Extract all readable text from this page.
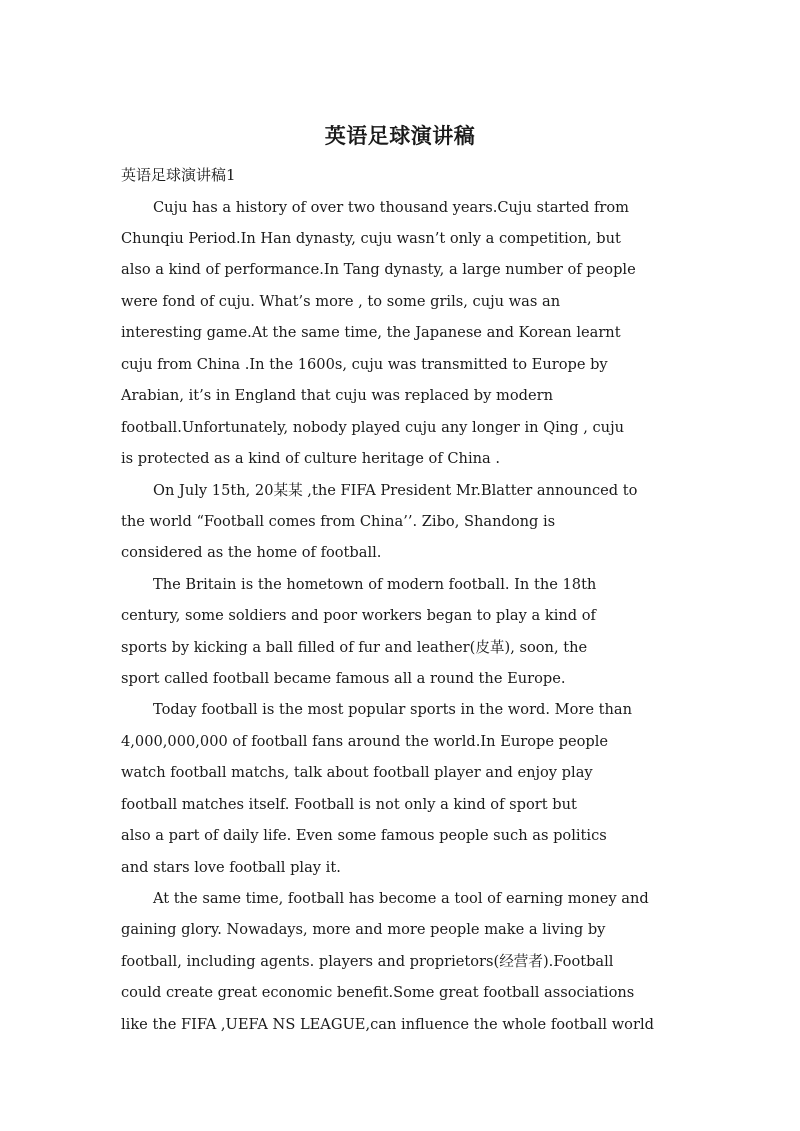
英语足球演讲稿
英语足球演讲稿1
Cuju has a history of over two thousand years.Cuju started from
Chunqiu Period.In Han dynasty, cuju wasn’t only a competition, but
also a kind of performance.In Tang dynasty, a large number of people
were fond of cuju. What’s more , to some grils, cuju was an
interesting game.At the same time, the Japanese and Korean learnt
cuju from China .In the 1600s, cuju was transmitted to Europe by
Arabian, it’s in England that cuju was replaced by modern
football.Unfortunately, nobody played cuju any longer in Qing , cuju
is protected as a kind of culture heritage of China .
On July 15th, 20某某 ,the FIFA President Mr.Blatter announced to
the world “Football comes from China’’. Zibo, Shandong is
considered as the home of football.
The Britain is the hometown of modern football. In the 18th
century, some soldiers and poor workers began to play a kind of
sports by kicking a ball filled of fur and leather(皮革), soon, the
sport called football became famous all a round the Europe.
Today football is the most popular sports in the word. More than
4,000,000,000 of football fans around the world.In Europe people
watch football matchs, talk about football player and enjoy play
football matches itself. Football is not only a kind of sport but
also a part of daily life. Even some famous people such as politics
and stars love football play it.
At the same time, football has become a tool of earning money and
gaining glory. Nowadays, more and more people make a living by
football, including agents. players and proprietors(经营者).Football
could create great economic benefit.Some great football associations
like the FIFA ,UEFA NS LEAGUE,can influence the whole football world
